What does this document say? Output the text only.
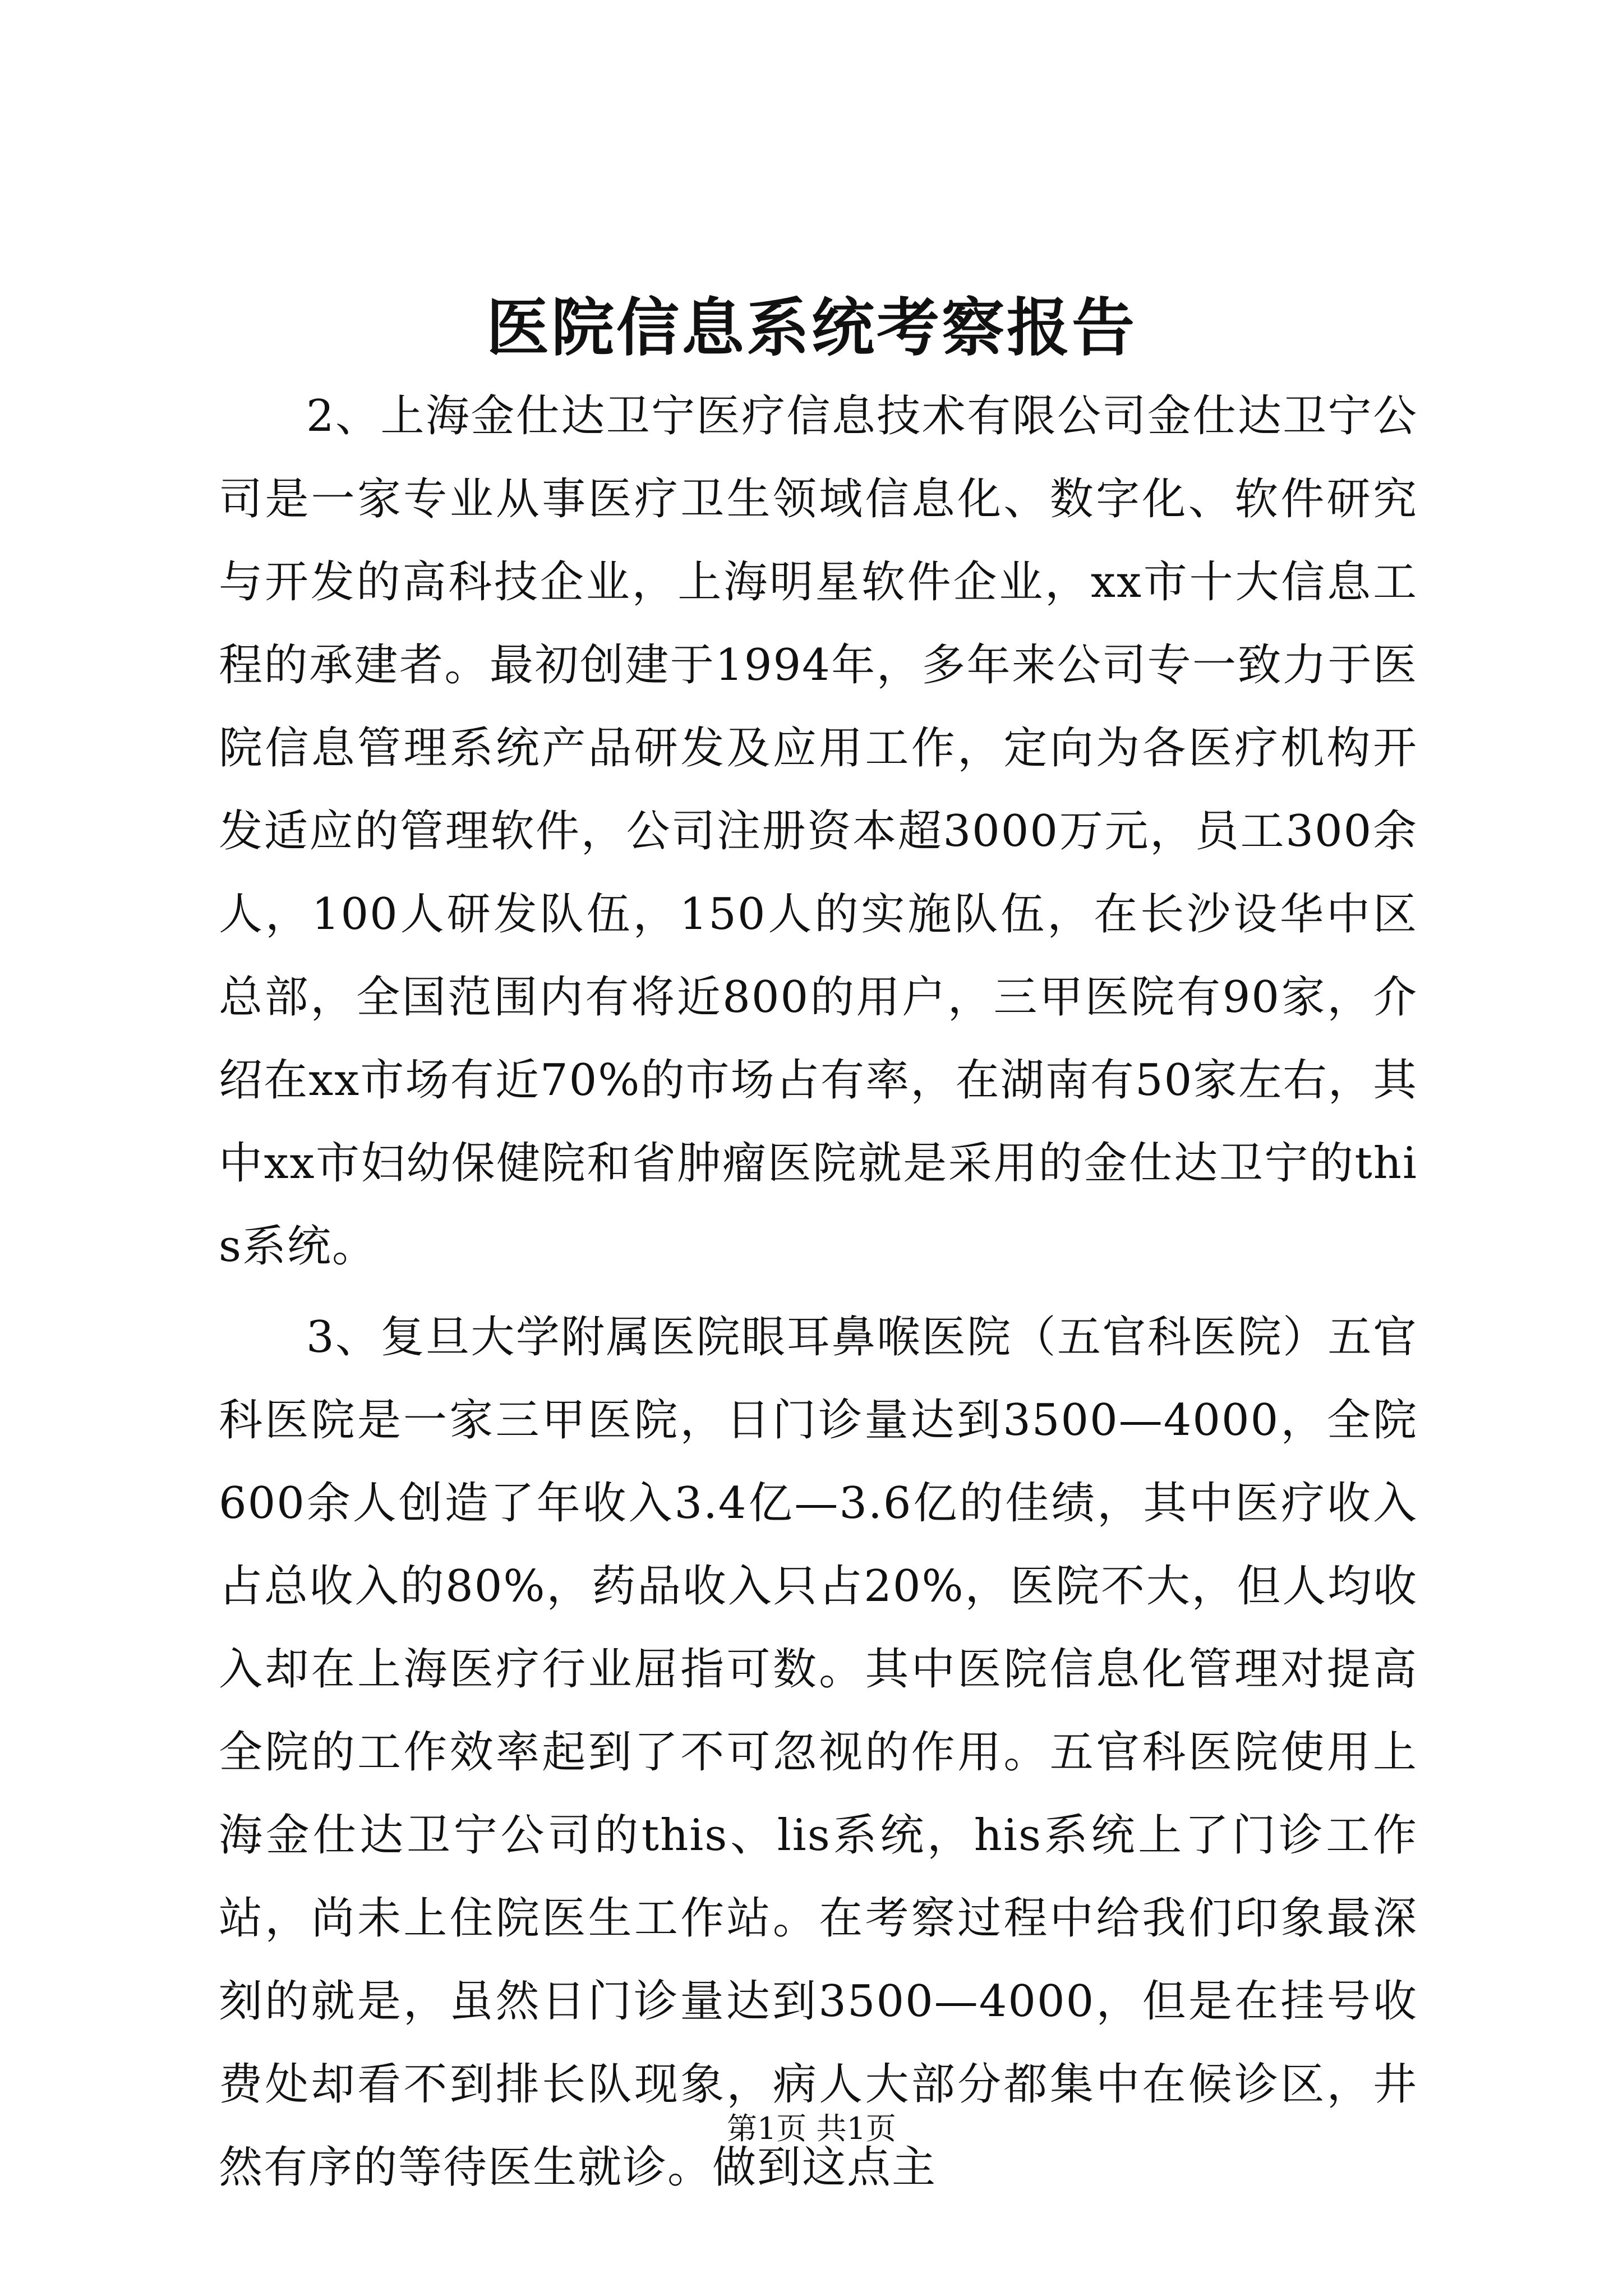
医院信息系统考察报告

2、上海金仕达卫宁医疗信息技术有限公司金仕达卫宁公司是一家专业从事医疗卫生领域信息化、数字化、软件研究与开发的高科技企业，上海明星软件企业，xx市十大信息工程的承建者。最初创建于1994年，多年来公司专一致力于医院信息管理系统产品研发及应用工作，定向为各医疗机构开发适应的管理软件，公司注册资本超3000万元，员工300余人，100人研发队伍，150人的实施队伍，在长沙设华中区总部，全国范围内有将近800的用户，三甲医院有90家，介绍在xx市场有近70%的市场占有率，在湖南有50家左右，其中xx市妇幼保健院和省肿瘤医院就是采用的金仕达卫宁的this系统。

3、复旦大学附属医院眼耳鼻喉医院（五官科医院）五官科医院是一家三甲医院，日门诊量达到3500—4000，全院600余人创造了年收入3.4亿—3.6亿的佳绩，其中医疗收入占总收入的80%，药品收入只占20%，医院不大，但人均收入却在上海医疗行业屈指可数。其中医院信息化管理对提高全院的工作效率起到了不可忽视的作用。五官科医院使用上海金仕达卫宁公司的this、lis系统，his系统上了门诊工作站，尚未上住院医生工作站。在考察过程中给我们印象最深刻的就是，虽然日门诊量达到3500—4000，但是在挂号收费处却看不到排长队现象，病人大部分都集中在候诊区，井然有序的等待医生就诊。做到这点主

第1页 共1页
